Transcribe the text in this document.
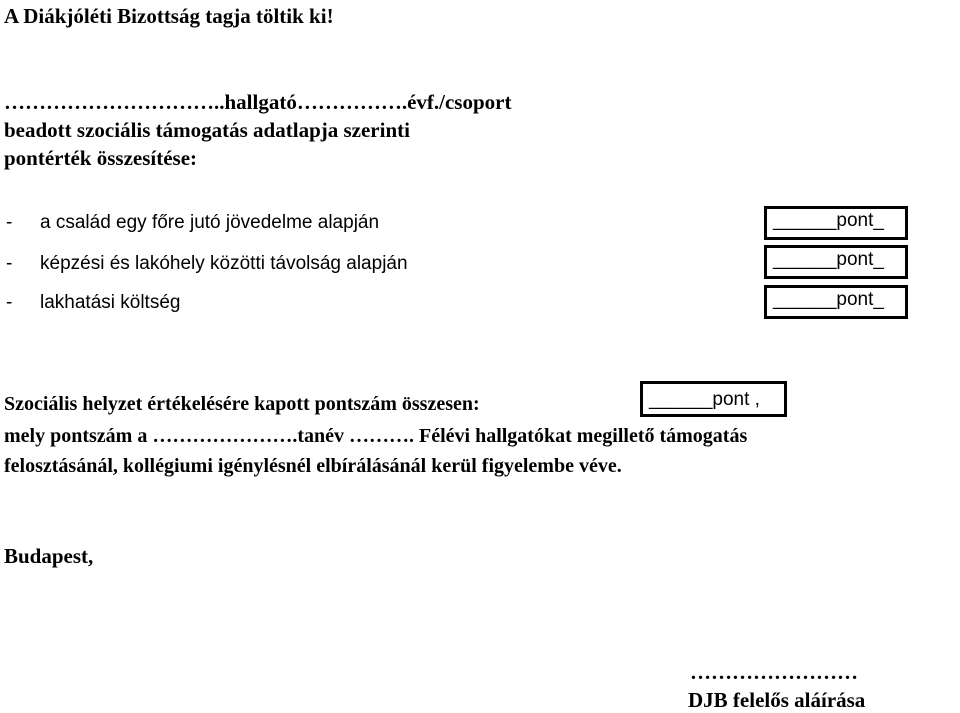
A Diákjóléti Bizottság tagja töltik ki!
…………………………..hallgató…………….évf./csoport
beadott szociális támogatás adatlapja szerinti
pontérték összesítése:
- a család egy főre jutó jövedelme alapján	______pont_
- képzési és lakóhely közötti távolság alapján	______pont_
- lakhatási költség	______pont_
Szociális helyzet értékelésére kapott pontszám összesen:	______pont ,
mely pontszám a ………………….tanév ………. Félévi hallgatókat megillető támogatás
felosztásánál, kollégiumi igénylésnél elbírálásánál kerül figyelembe véve.
Budapest,
……………………
DJB felelős aláírása
